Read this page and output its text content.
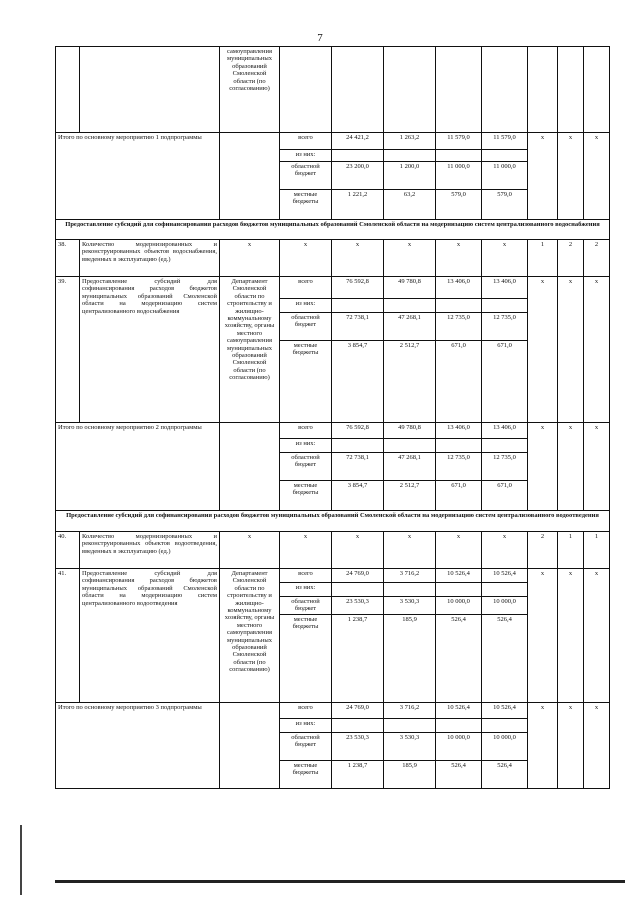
7
		самоуправления муниципальных образований Смоленской области (по согласованию)								
Итого по основному мероприятию 1 подпрограммы			всего	24 421,2	1 263,2	11 579,0	11 579,0	x	x	x
			из них:							
			областной бюджет	23 200,0	1 200,0	11 000,0	11 000,0			
			местные бюджеты	1 221,2	63,2	579,0	579,0			
Предоставление субсидий для софинансирования расходов бюджетов муниципальных образований Смоленской области на модернизацию систем централизованного водоснабжения										
38.	Количество модернизированных и реконструированных объектов водоснабжения, введенных в эксплуатацию (ед.)	x	x	x	x	x	x	1	2	2
39.	Предоставление субсидий для софинансирования расходов бюджетов муниципальных образований Смоленской области на модернизацию систем централизованного водоснабжения	Департамент Смоленской области по строительству и жилищно-коммунальному хозяйству, органы местного самоуправления муниципальных образований Смоленской области (по согласованию)	всего	76 592,8	49 780,8	13 406,0	13 406,0	x	x	x
			из них:							
			областной бюджет	72 738,1	47 268,1	12 735,0	12 735,0			
			местные бюджеты	3 854,7	2 512,7	671,0	671,0			
Итого по основному мероприятию 2 подпрограммы			всего	76 592,8	49 780,8	13 406,0	13 406,0	x	x	x
			из них:							
			областной бюджет	72 738,1	47 268,1	12 735,0	12 735,0			
			местные бюджеты	3 854,7	2 512,7	671,0	671,0			
Предоставление субсидий для софинансирования расходов бюджетов муниципальных образований Смоленской области на модернизацию систем централизованного водоотведения										
40.	Количество модернизированных и реконструированных объектов водоотведения, введенных в эксплуатацию (ед.)	x	x	x	x	x	x	2	1	1
41.	Предоставление субсидий для софинансирования расходов бюджетов муниципальных образований Смоленской области на модернизацию систем централизованного водоотведения	Департамент Смоленской области по строительству и жилищно-коммунальному хозяйству, органы местного самоуправления муниципальных образований Смоленской области (по согласованию)	всего	24 769,0	3 716,2	10 526,4	10 526,4	x	x	x
			из них:							
			областной бюджет	23 530,3	3 530,3	10 000,0	10 000,0			
			местные бюджеты	1 238,7	185,9	526,4	526,4			
Итого по основному мероприятию 3 подпрограммы			всего	24 769,0	3 716,2	10 526,4	10 526,4	x	x	x
			из них:							
			областной бюджет	23 530,3	3 530,3	10 000,0	10 000,0			
			местные бюджеты	1 238,7	185,9	526,4	526,4			
